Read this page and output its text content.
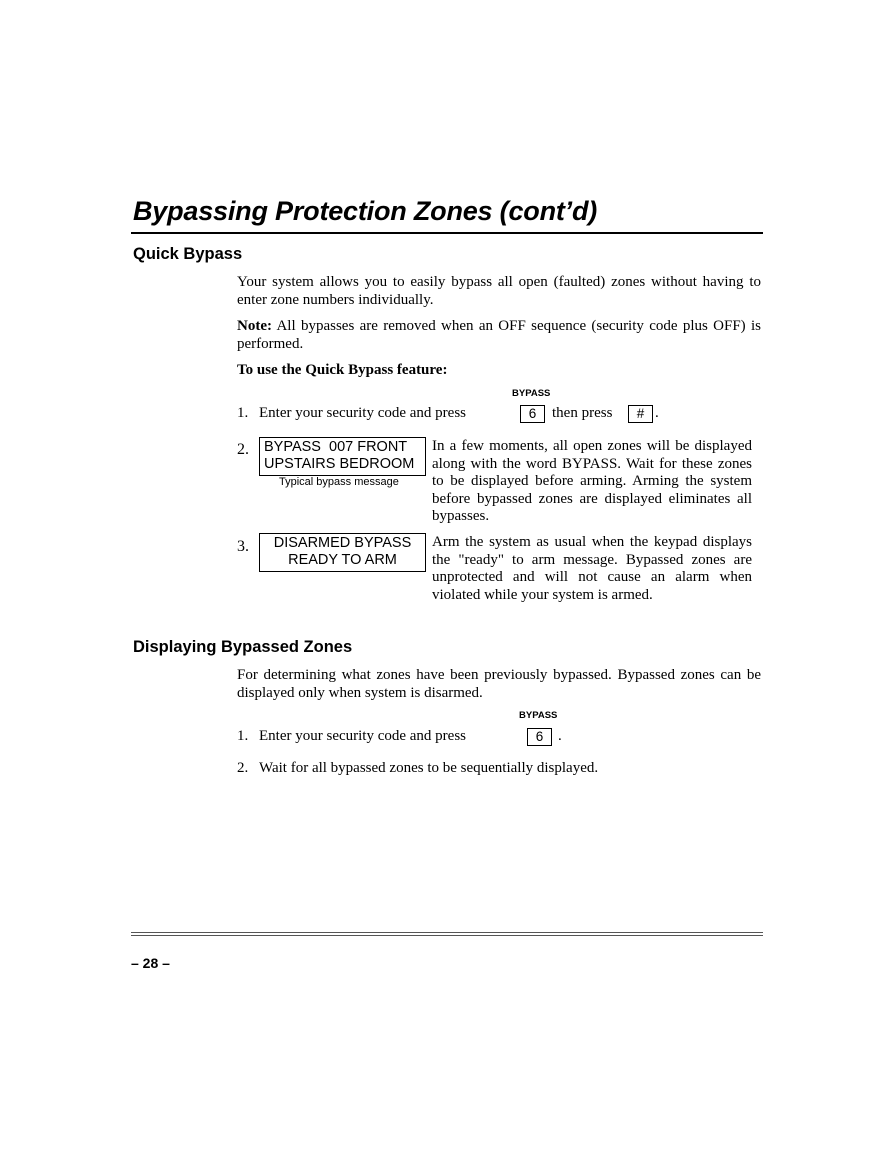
Bypassing Protection Zones (cont’d)
Quick Bypass
Your system allows you to easily bypass all open (faulted) zones without having to enter zone numbers individually.
Note: All bypasses are removed when an OFF sequence (security code plus OFF) is performed.
To use the Quick Bypass feature:
BYPASS
1. Enter your security code and press	6	then press	# .
2. BYPASS  007 FRONT
UPSTAIRS BEDROOM
Typical bypass message
In a few moments, all open zones will be displayed along with the word BYPASS. Wait for these zones to be displayed before arming. Arming the system before bypassed zones are displayed eliminates all bypasses.
3.	DISARMED BYPASS
READY TO ARM
Arm the system as usual when the keypad displays the "ready" to arm message. Bypassed zones are unprotected and will not cause an alarm when violated while your system is armed.
Displaying Bypassed Zones
For determining what zones have been previously bypassed. Bypassed zones can be displayed only when system is disarmed.
BYPASS
1. Enter your security code and press	6 .
2. Wait for all bypassed zones to be sequentially displayed.
– 28 –
